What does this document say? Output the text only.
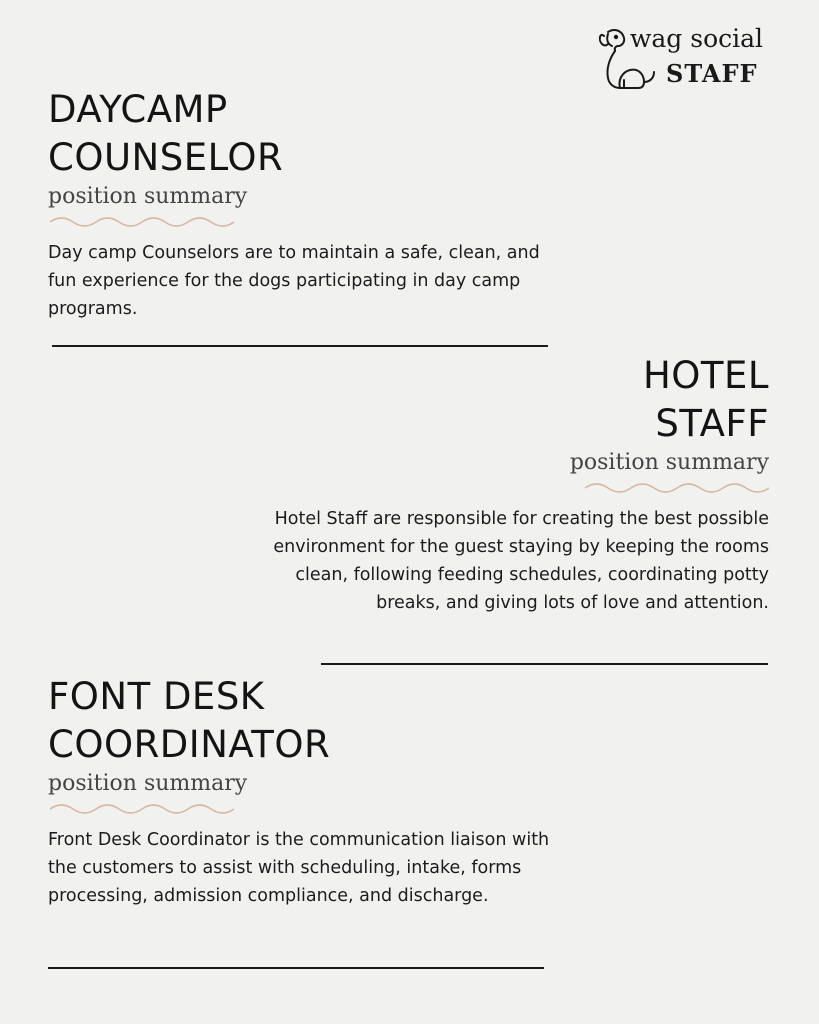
wag social
STAFF
DAYCAMP
COUNSELOR

position summary

Day camp Counselors are to maintain a safe, clean, and fun experience for the dogs participating in day camp programs.

HOTEL
STAFF

position summary

Hotel Staff are responsible for creating the best possible environment for the guest staying by keeping the rooms clean, following feeding schedules, coordinating potty breaks, and giving lots of love and attention.

FONT DESK
COORDINATOR

position summary

Front Desk Coordinator is the communication liaison with the customers to assist with scheduling, intake, forms processing, admission compliance, and discharge.
